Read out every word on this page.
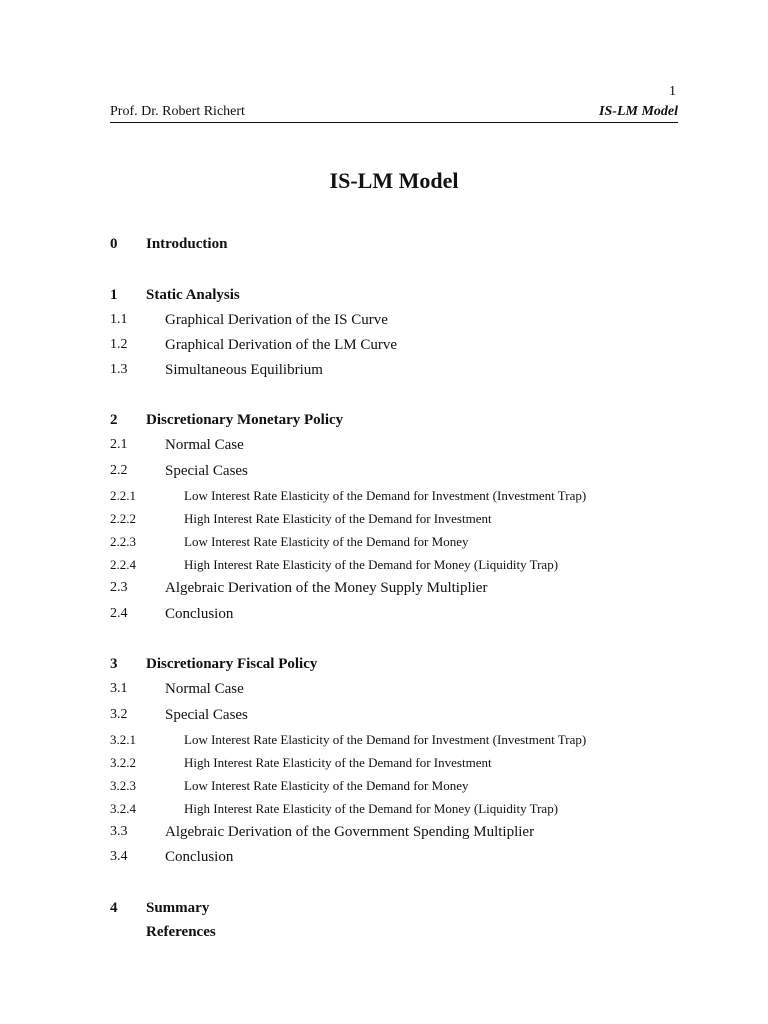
1
Prof. Dr. Robert Richert	IS-LM Model
IS-LM Model
0 Introduction
1 Static Analysis
1.1	Graphical Derivation of the IS Curve
1.2	Graphical Derivation of the LM Curve
1.3	Simultaneous Equilibrium
2 Discretionary Monetary Policy
2.1	Normal Case
2.2	Special Cases
2.2.1	Low Interest Rate Elasticity of the Demand for Investment (Investment Trap)
2.2.2	High Interest Rate Elasticity of the Demand for Investment
2.2.3	Low Interest Rate Elasticity of the Demand for Money
2.2.4	High Interest Rate Elasticity of the Demand for Money (Liquidity Trap)
2.3	Algebraic Derivation of the Money Supply Multiplier
2.4	Conclusion
3 Discretionary Fiscal Policy
3.1	Normal Case
3.2	Special Cases
3.2.1	Low Interest Rate Elasticity of the Demand for Investment (Investment Trap)
3.2.2	High Interest Rate Elasticity of the Demand for Investment
3.2.3	Low Interest Rate Elasticity of the Demand for Money
3.2.4	High Interest Rate Elasticity of the Demand for Money (Liquidity Trap)
3.3	Algebraic Derivation of the Government Spending Multiplier
3.4	Conclusion
4 Summary
References
